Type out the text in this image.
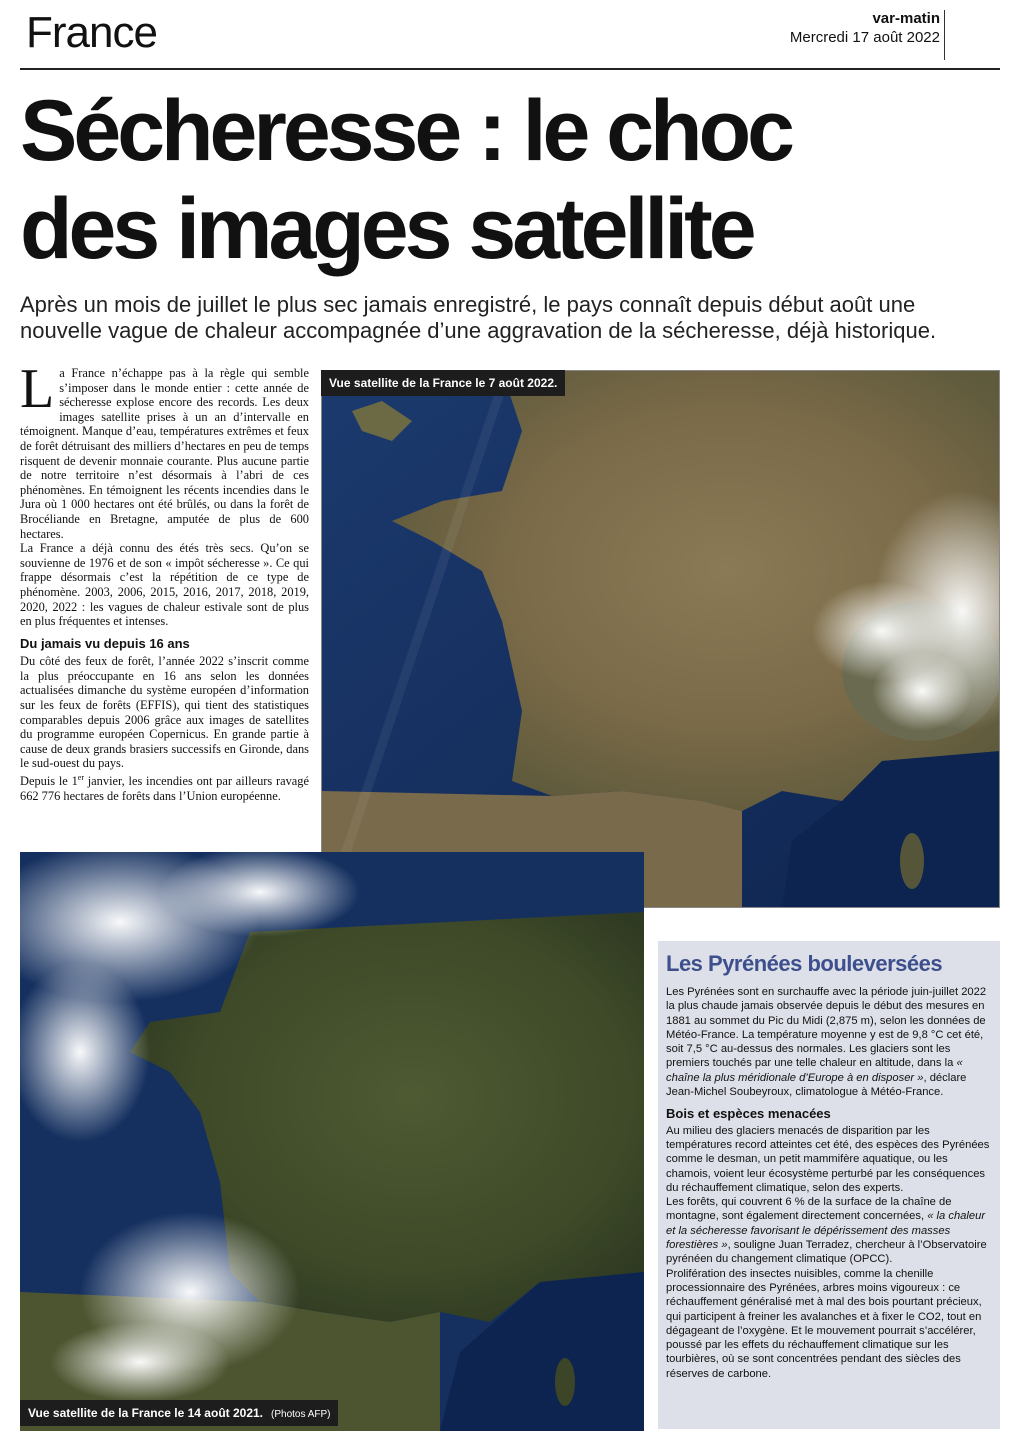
France	var-matin
Mercredi 17 août 2022
Sécheresse : le choc
des images satellite
Après un mois de juillet le plus sec jamais enregistré, le pays connaît depuis début août une nouvelle vague de chaleur accompagnée d’une aggravation de la sécheresse, déjà historique.

La France n’échappe pas à la règle qui semble s’imposer dans le monde entier : cette année de sécheresse explose encore des records. Les deux images satellite prises à un an d’intervalle en témoignent. Manque d’eau, températures extrêmes et feux de forêt détruisant des milliers d’hectares en peu de temps risquent de devenir monnaie courante. Plus aucune partie de notre territoire n’est désormais à l’abri de ces phénomènes. En témoignent les récents incendies dans le Jura où 1 000 hectares ont été brûlés, ou dans la forêt de Brocéliande en Bretagne, amputée de plus de 600 hectares.

La France a déjà connu des étés très secs. Qu’on se souvienne de 1976 et de son « impôt sécheresse ». Ce qui frappe désormais c’est la répétition de ce type de phénomène. 2003, 2006, 2015, 2016, 2017, 2018, 2019, 2020, 2022 : les vagues de chaleur estivale sont de plus en plus fréquentes et intenses.

Du jamais vu depuis 16 ans

Du côté des feux de forêt, l’année 2022 s’inscrit comme la plus préoccupante en 16 ans selon les données actualisées dimanche du système européen d’information sur les feux de forêts (EFFIS), qui tient des statistiques comparables depuis 2006 grâce aux images de satellites du programme européen Copernicus. En grande partie à cause de deux grands brasiers successifs en Gironde, dans le sud-ouest du pays.

Depuis le 1er janvier, les incendies ont par ailleurs ravagé 662 776 hectares de forêts dans l’Union européenne.

Vue satellite de la France le 7 août 2022.
Vue satellite de la France le 14 août 2021. (Photos AFP)
Les Pyrénées bouleversées

Les Pyrénées sont en surchauffe avec la période juin-juillet 2022 la plus chaude jamais observée depuis le début des mesures en 1881 au sommet du Pic du Midi (2,875 m), selon les données de Météo-France. La température moyenne y est de 9,8 °C cet été, soit 7,5 °C au-dessus des normales. Les glaciers sont les premiers touchés par une telle chaleur en altitude, dans la « chaîne la plus méridionale d’Europe à en disposer », déclare Jean-Michel Soubeyroux, climatologue à Météo-France.

Bois et espèces menacées

Au milieu des glaciers menacés de disparition par les températures record atteintes cet été, des espèces des Pyrénées comme le desman, un petit mammifère aquatique, ou les chamois, voient leur écosystème perturbé par les conséquences du réchauffement climatique, selon des experts.

Les forêts, qui couvrent 6 % de la surface de la chaîne de montagne, sont également directement concernées, « la chaleur et la sécheresse favorisant le dépérissement des masses forestières », souligne Juan Terradez, chercheur à l’Observatoire pyrénéen du changement climatique (OPCC).

Prolifération des insectes nuisibles, comme la chenille processionnaire des Pyrénées, arbres moins vigoureux : ce réchauffement généralisé met à mal des bois pourtant précieux, qui participent à freiner les avalanches et à fixer le CO2, tout en dégageant de l’oxygène. Et le mouvement pourrait s’accélérer, poussé par les effets du réchauffement climatique sur les tourbières, où se sont concentrées pendant des siècles des réserves de carbone.
